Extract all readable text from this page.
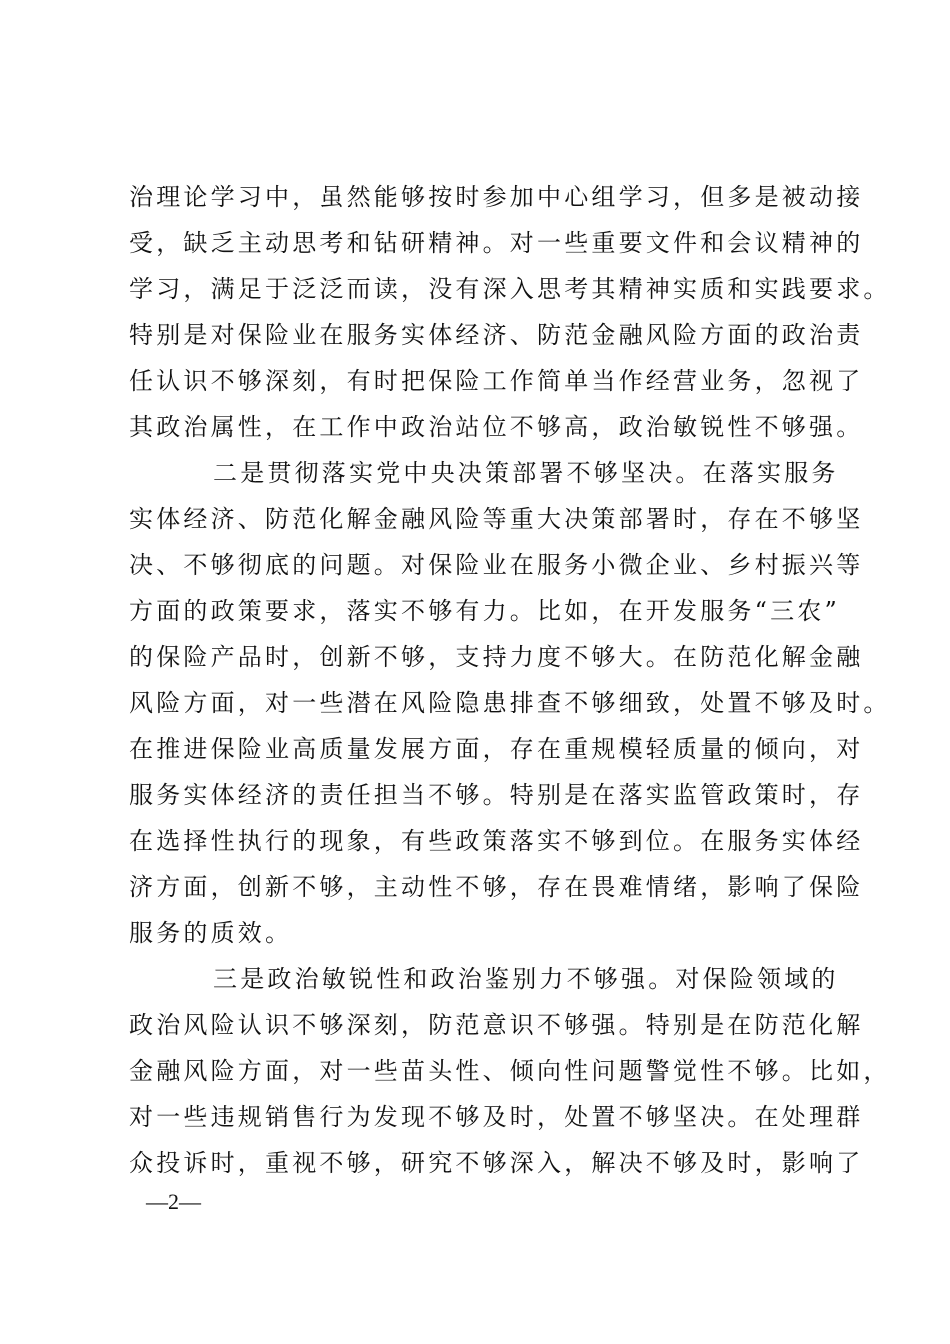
治理论学习中，虽然能够按时参加中心组学习，但多是被动接
受，缺乏主动思考和钻研精神。对一些重要文件和会议精神的
学习，满足于泛泛而读，没有深入思考其精神实质和实践要求。
特别是对保险业在服务实体经济、防范金融风险方面的政治责
任认识不够深刻，有时把保险工作简单当作经营业务，忽视了
其政治属性，在工作中政治站位不够高，政治敏锐性不够强。
二是贯彻落实党中央决策部署不够坚决。在落实服务
实体经济、防范化解金融风险等重大决策部署时，存在不够坚
决、不够彻底的问题。对保险业在服务小微企业、乡村振兴等
方面的政策要求，落实不够有力。比如，在开发服务“三农”
的保险产品时，创新不够，支持力度不够大。在防范化解金融
风险方面，对一些潜在风险隐患排查不够细致，处置不够及时。
在推进保险业高质量发展方面，存在重规模轻质量的倾向，对
服务实体经济的责任担当不够。特别是在落实监管政策时，存
在选择性执行的现象，有些政策落实不够到位。在服务实体经
济方面，创新不够，主动性不够，存在畏难情绪，影响了保险
服务的质效。
三是政治敏锐性和政治鉴别力不够强。对保险领域的
政治风险认识不够深刻，防范意识不够强。特别是在防范化解
金融风险方面，对一些苗头性、倾向性问题警觉性不够。比如，
对一些违规销售行为发现不够及时，处置不够坚决。在处理群
众投诉时，重视不够，研究不够深入，解决不够及时，影响了
—2—
